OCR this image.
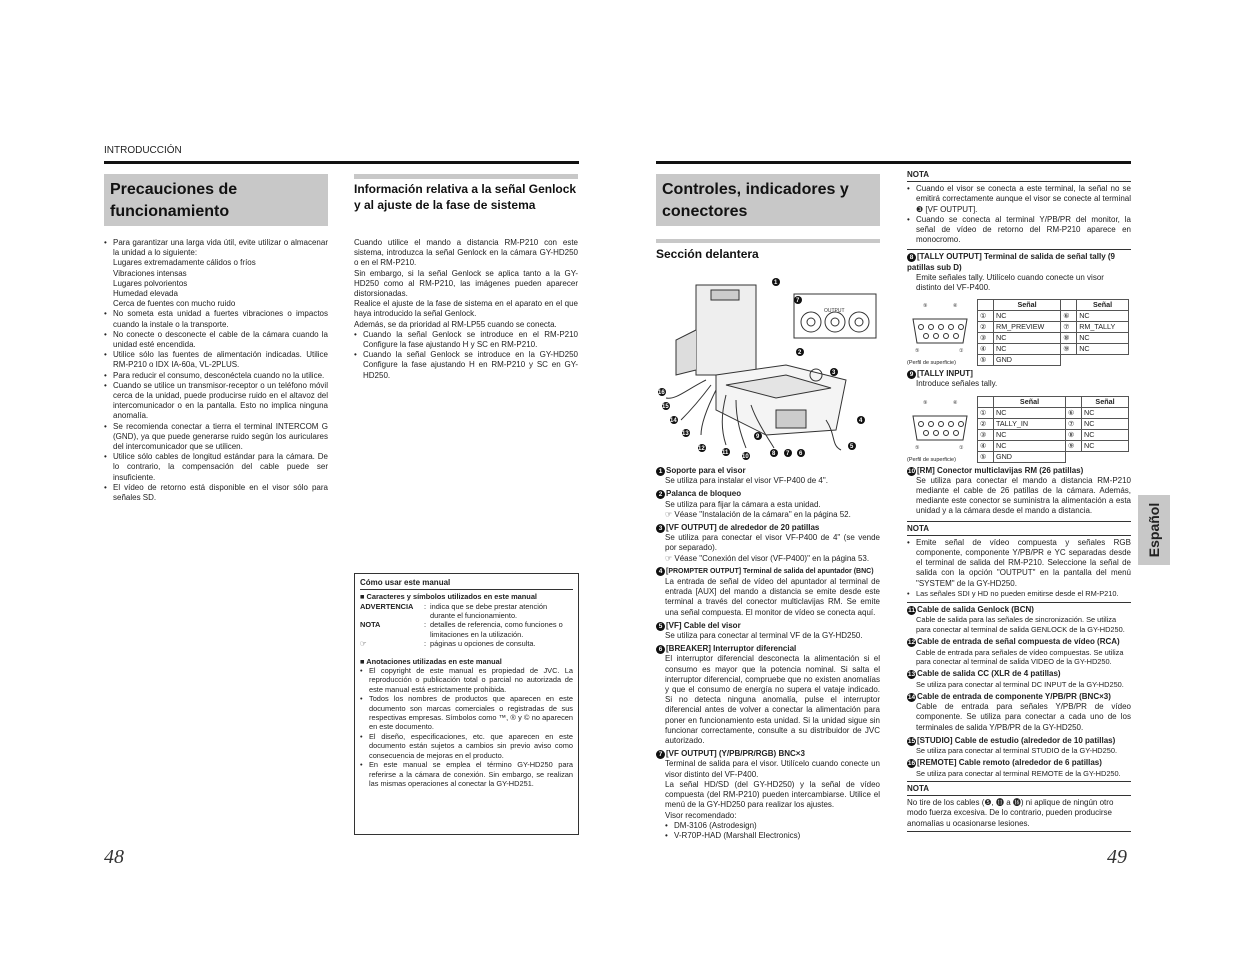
INTRODUCCIÓN
Precauciones de funcionamiento
• Para garantizar una larga vida útil, evite utilizar o almacenar la unidad a lo siguiente:
Lugares extremadamente cálidos o fríos
Vibraciones intensas
Lugares polvorientos
Humedad elevada
Cerca de fuentes con mucho ruido
• No someta esta unidad a fuertes vibraciones o impactos cuando la instale o la transporte.
• No conecte o desconecte el cable de la cámara cuando la unidad esté encendida.
• Utilice sólo las fuentes de alimentación indicadas. Utilice RM-P210 o IDX IA-60a, VL-2PLUS.
• Para reducir el consumo, desconéctela cuando no la utilice.
• Cuando se utilice un transmisor-receptor o un teléfono móvil cerca de la unidad, puede producirse ruido en el altavoz del intercomunicador o en la pantalla. Esto no implica ninguna anomalía.
• Se recomienda conectar a tierra el terminal INTERCOM G (GND), ya que puede generarse ruido según los auriculares del intercomunicador que se utilicen.
• Utilice sólo cables de longitud estándar para la cámara. De lo contrario, la compensación del cable puede ser insuficiente.
• El vídeo de retorno está disponible en el visor sólo para señales SD.
Información relativa a la señal Genlock y al ajuste de la fase de sistema
Cuando utilice el mando a distancia RM-P210 con este sistema, introduzca la señal Genlock en la cámara GY-HD250 o en el RM-P210.
Sin embargo, si la señal Genlock se aplica tanto a la GY-HD250 como al RM-P210, las imágenes pueden aparecer distorsionadas.
Realice el ajuste de la fase de sistema en el aparato en el que haya introducido la señal Genlock.
Además, se da prioridad al RM-LP55 cuando se conecta.
• Cuando la señal Genlock se introduce en el RM-P210 Configure la fase ajustando H y SC en RM-P210.
• Cuando la señal Genlock se introduce en la GY-HD250 Configure la fase ajustando H en RM-P210 y SC en GY-HD250.
Cómo usar este manual
■ Caracteres y símbolos utilizados en este manual
ADVERTENCIA	: indica que se debe prestar atención durante el funcionamiento.
NOTA	: detalles de referencia, como funciones o limitaciones en la utilización.
☞	: páginas u opciones de consulta.
■ Anotaciones utilizadas en este manual
• El copyright de este manual es propiedad de JVC. La reproducción o publicación total o parcial no autorizada de este manual está estrictamente prohibida.
• Todos los nombres de productos que aparecen en este documento son marcas comerciales o registradas de sus respectivas empresas. Símbolos como ™, ® y © no aparecen en este documento.
• El diseño, especificaciones, etc. que aparecen en este documento están sujetos a cambios sin previo aviso como consecuencia de mejoras en el producto.
• En este manual se emplea el término GY-HD250 para referirse a la cámara de conexión. Sin embargo, se realizan las mismas operaciones al conectar la GY-HD251.
48
Controles, indicadores y conectores
Sección delantera
OUTPUT
1
7
2
3
4
5
6
7
8
9
10
11
12
13
14
15
16
1 Soporte para el visor
Se utiliza para instalar el visor VF-P400 de 4".
2 Palanca de bloqueo
Se utiliza para fijar la cámara a esta unidad.
☞ Véase "Instalación de la cámara" en la página 52.
3 [VF OUTPUT] de alrededor de 20 patillas
Se utiliza para conectar el visor VF-P400 de 4" (se vende por separado).
☞ Véase "Conexión del visor (VF-P400)" en la página 53.
4 [PROMPTER OUTPUT] Terminal de salida del apuntador (BNC)
La entrada de señal de vídeo del apuntador al terminal de entrada [AUX] del mando a distancia se emite desde este terminal a través del conector multiclavijas RM. Se emite una señal compuesta. El monitor de vídeo se conecta aquí.
5 [VF] Cable del visor
Se utiliza para conectar al terminal VF de la GY-HD250.
6 [BREAKER] Interruptor diferencial
El interruptor diferencial desconecta la alimentación si el consumo es mayor que la potencia nominal. Si salta el interruptor diferencial, compruebe que no existen anomalías y que el consumo de energía no supera el vataje indicado. Si no detecta ninguna anomalía, pulse el interruptor diferencial antes de volver a conectar la alimentación para poner en funcionamiento esta unidad. Si la unidad sigue sin funcionar correctamente, consulte a su distribuidor de JVC autorizado.
7 [VF OUTPUT] (Y/PB/PR/RGB) BNC×3
Terminal de salida para el visor. Utilícelo cuando conecte un visor distinto del VF-P400.
La señal HD/SD (del GY-HD250) y la señal de vídeo compuesta (del RM-P210) pueden intercambiarse. Utilice el menú de la GY-HD250 para realizar los ajustes.
Visor recomendado:
• DM-3106 (Astrodesign)
• V-R70P-HAD (Marshall Electronics)
NOTA
• Cuando el visor se conecta a este terminal, la señal no se emitirá correctamente aunque el visor se conecte al terminal ❸ [VF OUTPUT].
• Cuando se conecta al terminal Y/PB/PR del monitor, la señal de vídeo de retorno del RM-P210 aparece en monocromo.
8 [TALLY OUTPUT] Terminal de salida de señal tally (9 patillas sub D)
Emite señales tally. Utilícelo cuando conecte un visor distinto del VF-P400.
⑨	⑥
⑤	①
(Perfil de superficie)
	Señal		Señal
①	NC	⑥	NC
②	RM_PREVIEW	⑦	RM_TALLY
③	NC	⑧	NC
④	NC	⑨	NC
⑤	GND		
9 [TALLY INPUT]
Introduce señales tally.
⑨	⑥
⑤	①
(Perfil de superficie)
	Señal		Señal
①	NC	⑥	NC
②	TALLY_IN	⑦	NC
③	NC	⑧	NC
④	NC	⑨	NC
⑤	GND		
10 [RM] Conector multiclavijas RM (26 patillas)
Se utiliza para conectar el mando a distancia RM-P210 mediante el cable de 26 patillas de la cámara. Además, mediante este conector se suministra la alimentación a esta unidad y a la cámara desde el mando a distancia.
NOTA
• Emite señal de vídeo compuesta y señales RGB componente, componente Y/PB/PR e YC separadas desde el terminal de salida del RM-P210. Seleccione la señal de salida con la opción "OUTPUT" en la pantalla del menú "SYSTEM" de la GY-HD250.
• Las señales SDI y HD no pueden emitirse desde el RM-P210.
11 Cable de salida Genlock (BCN)
Cable de salida para las señales de sincronización. Se utiliza para conectar al terminal de salida GENLOCK de la GY-HD250.
12 Cable de entrada de señal compuesta de vídeo (RCA)
Cable de entrada para señales de vídeo compuestas. Se utiliza para conectar al terminal de salida VIDEO de la GY-HD250.
13 Cable de salida CC (XLR de 4 patillas)
Se utiliza para conectar al terminal DC INPUT de la GY-HD250.
14 Cable de entrada de componente Y/PB/PR (BNC×3)
Cable de entrada para señales Y/PB/PR de vídeo componente. Se utiliza para conectar a cada uno de los terminales de salida Y/PB/PR de la GY-HD250.
15 [STUDIO] Cable de estudio (alrededor de 10 patillas)
Se utiliza para conectar al terminal STUDIO de la GY-HD250.
16 [REMOTE] Cable remoto (alrededor de 6 patillas)
Se utiliza para conectar al terminal REMOTE de la GY-HD250.
NOTA
No tire de los cables (❺, ⓫ a ⓰) ni aplique de ningún otro modo fuerza excesiva. De lo contrario, pueden producirse anomalías u ocasionarse lesiones.
Español
49
